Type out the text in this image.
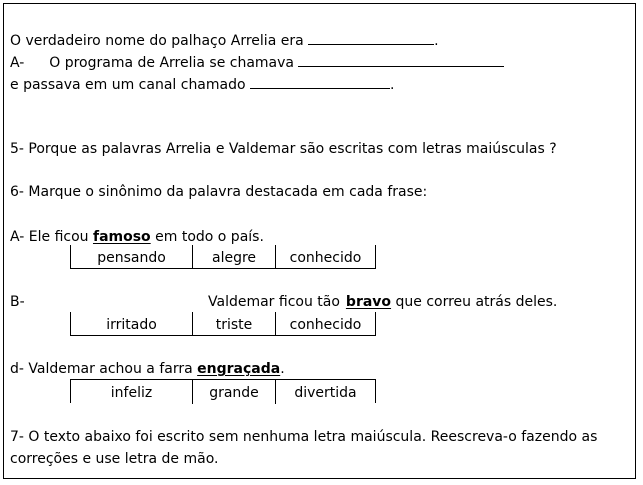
O verdadeiro nome do palhaço Arrelia era	.
A- O programa de Arrelia se chamava
e passava em um canal chamado	.
5- Porque as palavras Arrelia e Valdemar são escritas com letras maiúsculas ?
6- Marque o sinônimo da palavra destacada em cada frase:
A- Ele ficou famoso em todo o país.
pensando	alegre	conhecido
B-	Valdemar ficou tão bravo que correu atrás deles.
irritado	triste	conhecido
d- Valdemar achou a farra engraçada.
infeliz	grande	divertida
7- O texto abaixo foi escrito sem nenhuma letra maiúscula. Reescreva-o fazendo as
correções e use letra de mão.
